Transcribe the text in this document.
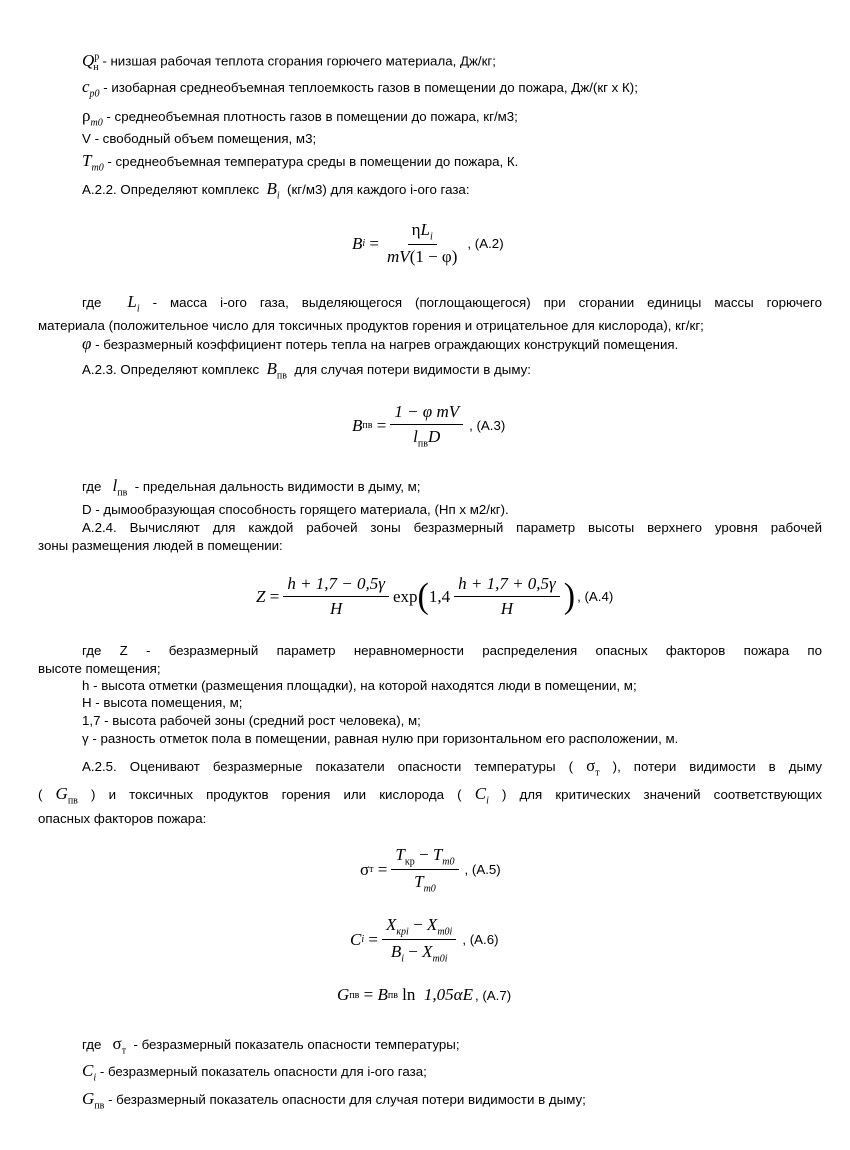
$Q^р_н$ - низшая рабочая теплота сгорания горючего материала, Дж/кг;
$c_{p0}$ - изобарная среднеобъемная теплоемкость газов в помещении до пожара, Дж/(кг х К);
$\rho_{m0}$ - среднеобъемная плотность газов в помещении до пожара, кг/м3;
V - свободный объем помещения, м3;
$T_{m0}$ - среднеобъемная температура среды в помещении до пожара, К.
А.2.2. Определяют комплекс $B_i$ (кг/м3) для каждого i-ого газа:
B $i = \frac{\eta L_i}{mV(1 - \varphi)}$ , (А.2)
где $L_i$ - масса i-ого газа, выделяющегося (поглощающегося) при сгорании единицы массы горючего
материала (положительное число для токсичных продуктов горения и отрицательное для кислорода), кг/кг;
φ - безразмерный коэффициент потерь тепла на нагрев ограждающих конструкций помещения.
А.2.3. Определяют комплекс $B_{пв}$ для случая потери видимости в дыму:
B пв = $\frac{\text{1 − φ mV}}{l_{пв}D}$ , (А.3)
где $l_{пв}$ - предельная дальность видимости в дыму, м;
D - дымообразующая способность горящего материала, (Нп х м2/кг).
А.2.4. Вычисляют для каждой рабочей зоны безразмерный параметр высоты верхнего уровня рабочей
зоны размещения людей в помещении:
$Z = \frac{h + 1,7 - 0,5\gamma}{H}$ exp ( $1,4 \frac{h + 1,7 + 0,5\gamma}{H}$ ) , (А.4)
где Z - безразмерный параметр неравномерности распределения опасных факторов пожара по
высоте помещения;
h - высота отметки (размещения площадки), на которой находятся люди в помещении, м;
H - высота помещения, м;
1,7 - высота рабочей зоны (средний рост человека), м;
γ - разность отметок пола в помещении, равная нулю при горизонтальном его расположении, м.
А.2.5. Оценивают безразмерные показатели опасности температуры ( $\sigma_т$ ), потери видимости в дыму
( $G_{пв}$ ) и токсичных продуктов горения или кислорода ( $C_i$ ) для критических значений соответствующих
опасных факторов пожара:
σ $т = \frac{T_{кр} - T_{m0}}{T_{m0}}$ , (А.5)
C $i = \frac{X_{крi} - X_{m0i}}{B_i - X_{m0i}}$ , (А.6)
G пв = B пв
ln
1,05αE , (А.7)
где $\sigma_т$ - безразмерный показатель опасности температуры;
$C_i$ - безразмерный показатель опасности для i-ого газа;
$G_{пв}$ - безразмерный показатель опасности для случая потери видимости в дыму;
